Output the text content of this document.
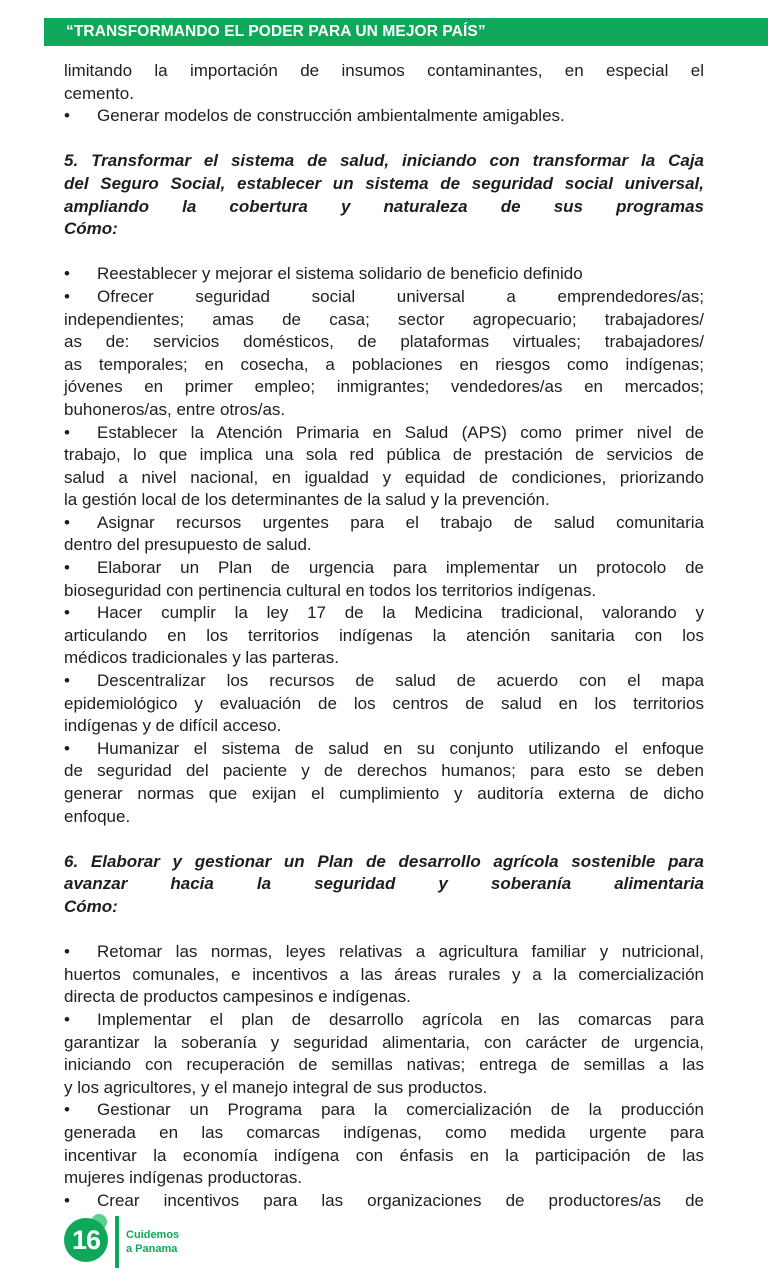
“TRANSFORMANDO EL PODER PARA UN MEJOR PAÍS”
limitando la importación de insumos contaminantes, en especial el
cemento.
• Generar modelos de construcción ambientalmente amigables.
5. Transformar el sistema de salud, iniciando con transformar la Caja
del Seguro Social, establecer un sistema de seguridad social universal,
ampliando la cobertura y naturaleza de sus programas
Cómo:
• Reestablecer y mejorar el sistema solidario de beneficio definido
• Ofrecer seguridad social universal a emprendedores/as;
independientes; amas de casa; sector agropecuario; trabajadores/
as de: servicios domésticos, de plataformas virtuales; trabajadores/
as temporales; en cosecha, a poblaciones en riesgos como indígenas;
jóvenes en primer empleo; inmigrantes; vendedores/as en mercados;
buhoneros/as, entre otros/as.
• Establecer la Atención Primaria en Salud (APS) como primer nivel de
trabajo, lo que implica una sola red pública de prestación de servicios de
salud a nivel nacional, en igualdad y equidad de condiciones, priorizando
la gestión local de los determinantes de la salud y la prevención.
• Asignar recursos urgentes para el trabajo de salud comunitaria
dentro del presupuesto de salud.
• Elaborar un Plan de urgencia para implementar un protocolo de
bioseguridad con pertinencia cultural en todos los territorios indígenas.
• Hacer cumplir la ley 17 de la Medicina tradicional, valorando y
articulando en los territorios indígenas la atención sanitaria con los
médicos tradicionales y las parteras.
• Descentralizar los recursos de salud de acuerdo con el mapa
epidemiológico y evaluación de los centros de salud en los territorios
indígenas y de difícil acceso.
• Humanizar el sistema de salud en su conjunto utilizando el enfoque
de seguridad del paciente y de derechos humanos; para esto se deben
generar normas que exijan el cumplimiento y auditoría externa de dicho
enfoque.
6. Elaborar y gestionar un Plan de desarrollo agrícola sostenible para
avanzar hacia la seguridad y soberanía alimentaria
Cómo:
• Retomar las normas, leyes relativas a agricultura familiar y nutricional,
huertos comunales, e incentivos a las áreas rurales y a la comercialización
directa de productos campesinos e indígenas.
• Implementar el plan de desarrollo agrícola en las comarcas para
garantizar la soberanía y seguridad alimentaria, con carácter de urgencia,
iniciando con recuperación de semillas nativas; entrega de semillas a las
y los agricultores, y el manejo integral de sus productos.
• Gestionar un Programa para la comercialización de la producción
generada en las comarcas indígenas, como medida urgente para
incentivar la economía indígena con énfasis en la participación de las
mujeres indígenas productoras.
• Crear incentivos para las organizaciones de productores/as de
16	Cuidemos
a Panama
